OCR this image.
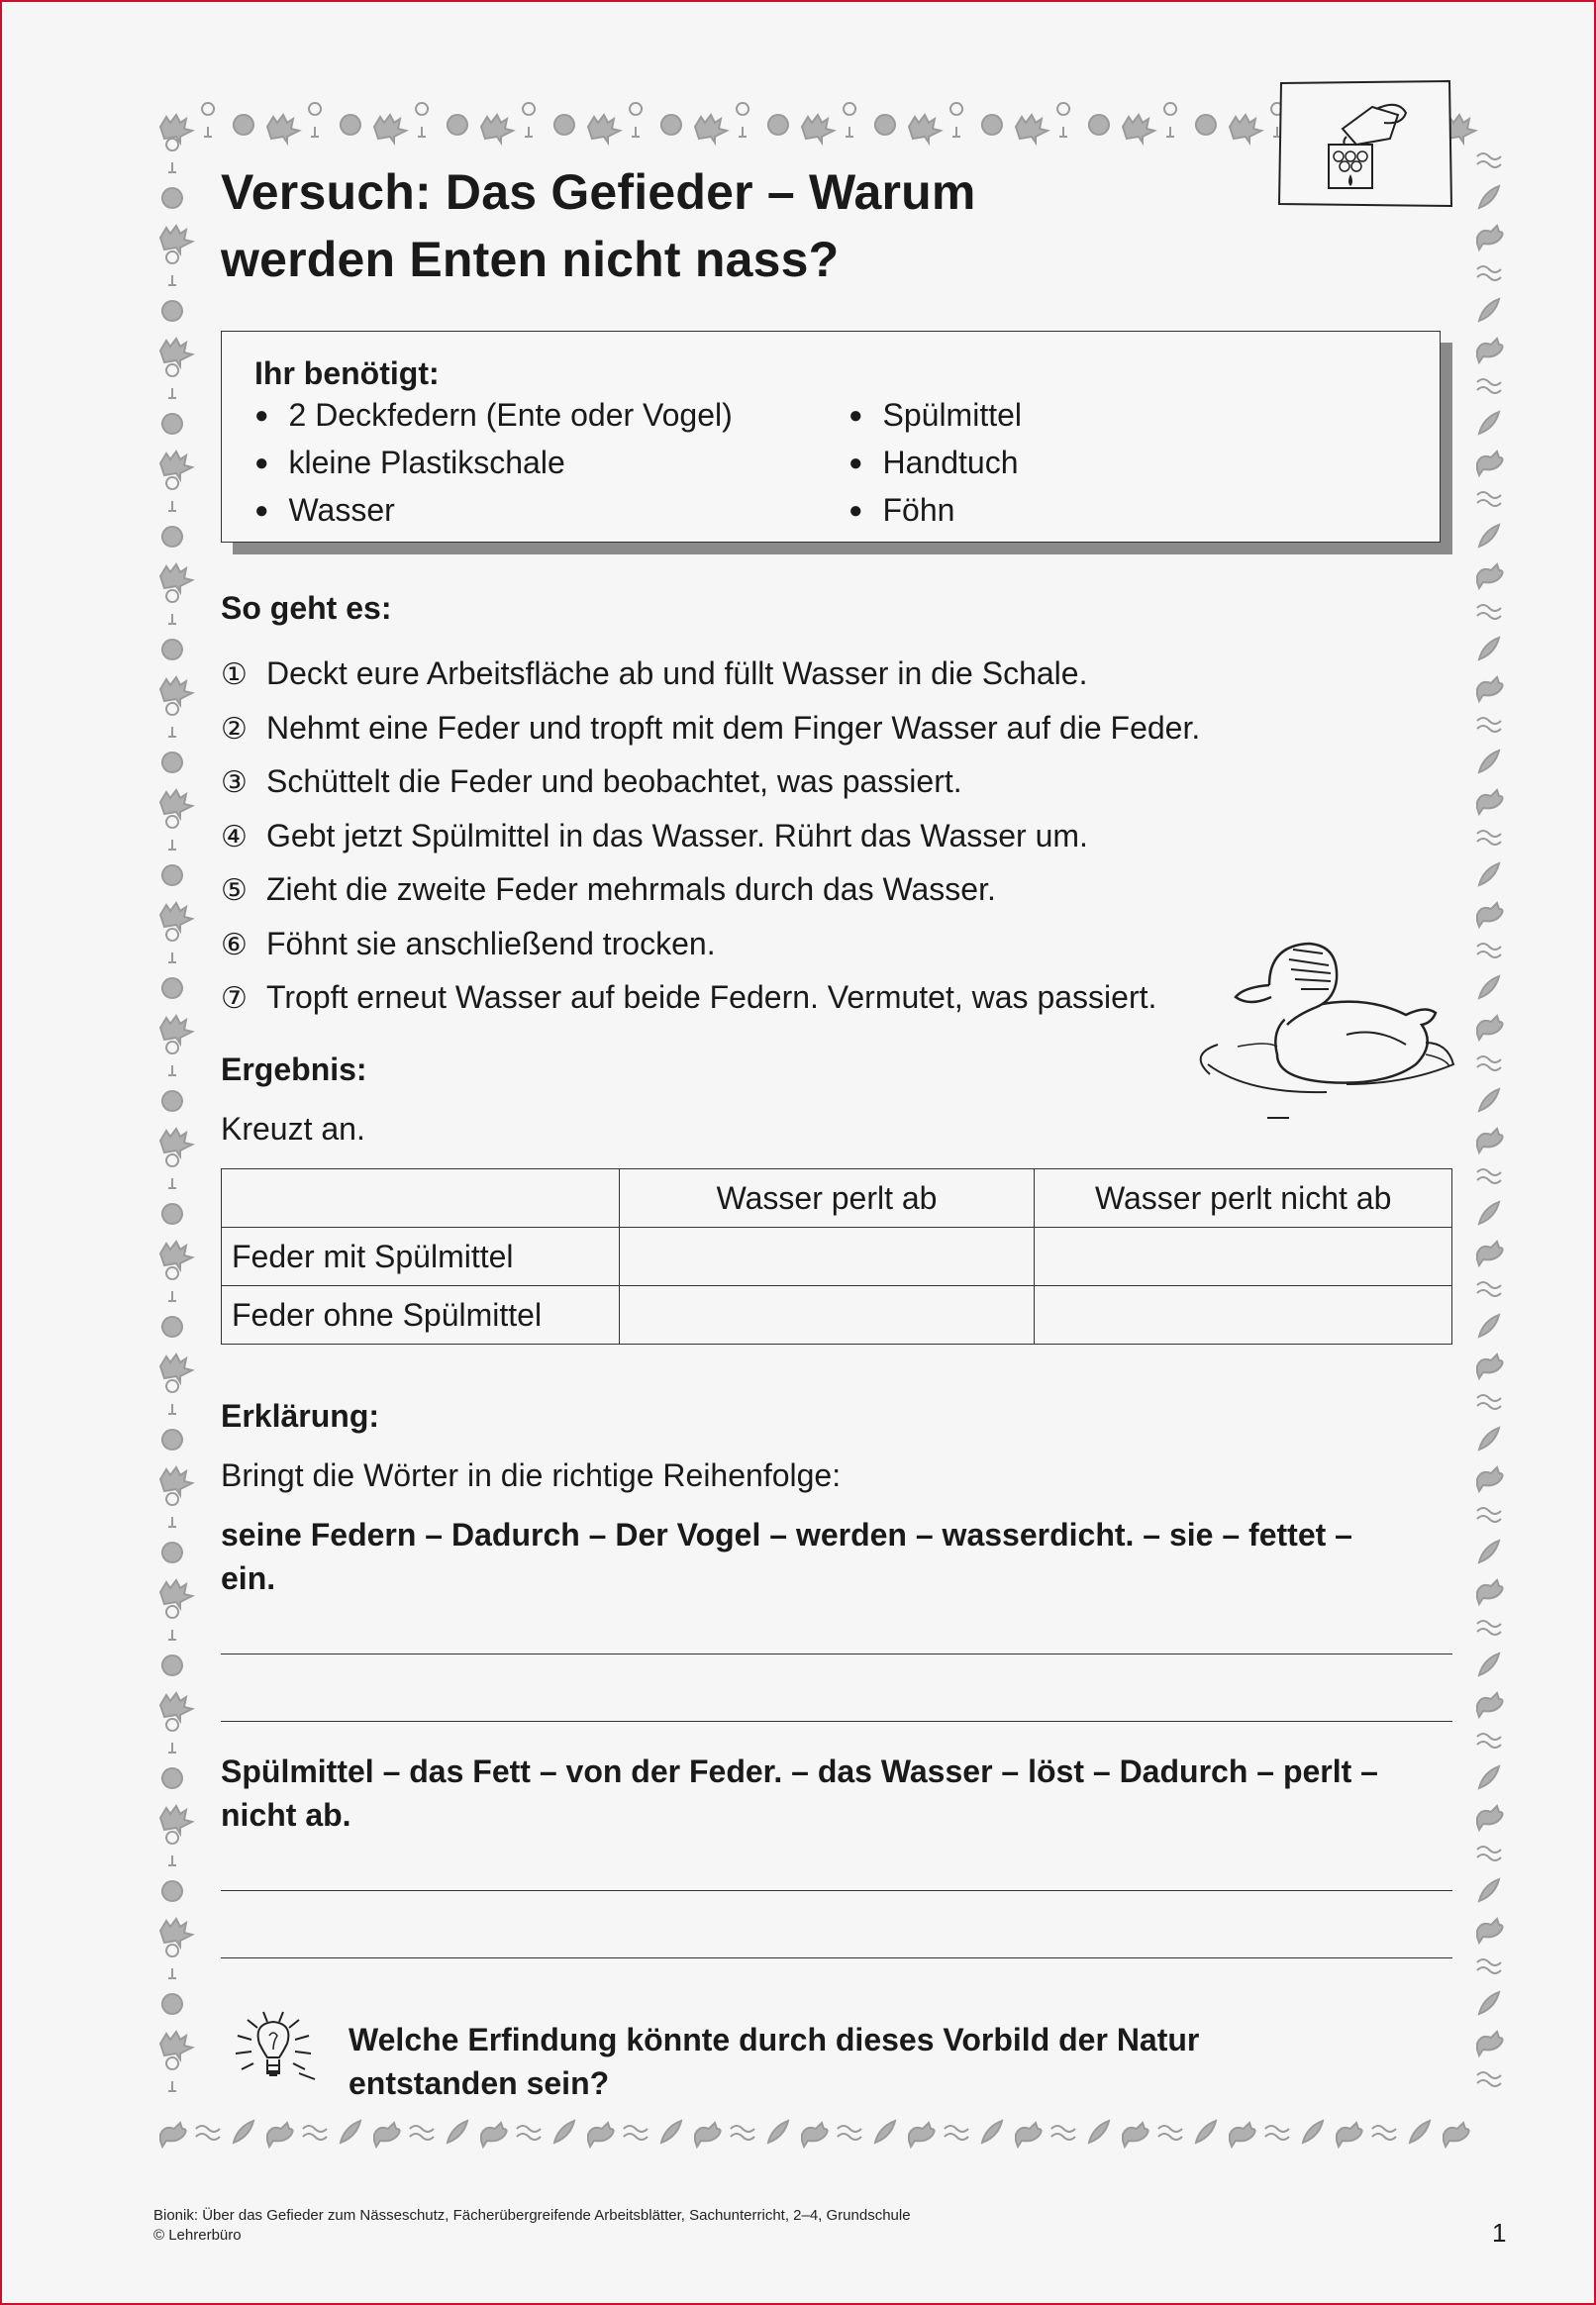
Versuch: Das Gefieder – Warum
werden Enten nicht nass?
Ihr benötigt:
● 2 Deckfedern (Ente oder Vogel)
● kleine Plastikschale
● Wasser
● Spülmittel
● Handtuch
● Föhn
So geht es:
① Deckt eure Arbeitsfläche ab und füllt Wasser in die Schale.
② Nehmt eine Feder und tropft mit dem Finger Wasser auf die Feder.
③ Schüttelt die Feder und beobachtet, was passiert.
④ Gebt jetzt Spülmittel in das Wasser. Rührt das Wasser um.
⑤ Zieht die zweite Feder mehrmals durch das Wasser.
⑥ Föhnt sie anschließend trocken.
⑦ Tropft erneut Wasser auf beide Federn. Vermutet, was passiert.
Ergebnis:
Kreuzt an.
	Wasser perlt ab	Wasser perlt nicht ab
Feder mit Spülmittel		
Feder ohne Spülmittel		
Erklärung:
Bringt die Wörter in die richtige Reihenfolge:
seine Federn – Dadurch – Der Vogel – werden – wasserdicht. – sie – fettet –
ein.
Spülmittel – das Fett – von der Feder. – das Wasser – löst – Dadurch – perlt –
nicht ab.
Welche Erfindung könnte durch dieses Vorbild der Natur
entstanden sein?
Bionik: Über das Gefieder zum Nässeschutz, Fächerübergreifende Arbeitsblätter, Sachunterricht, 2–4, Grundschule
© Lehrerbüro	1
